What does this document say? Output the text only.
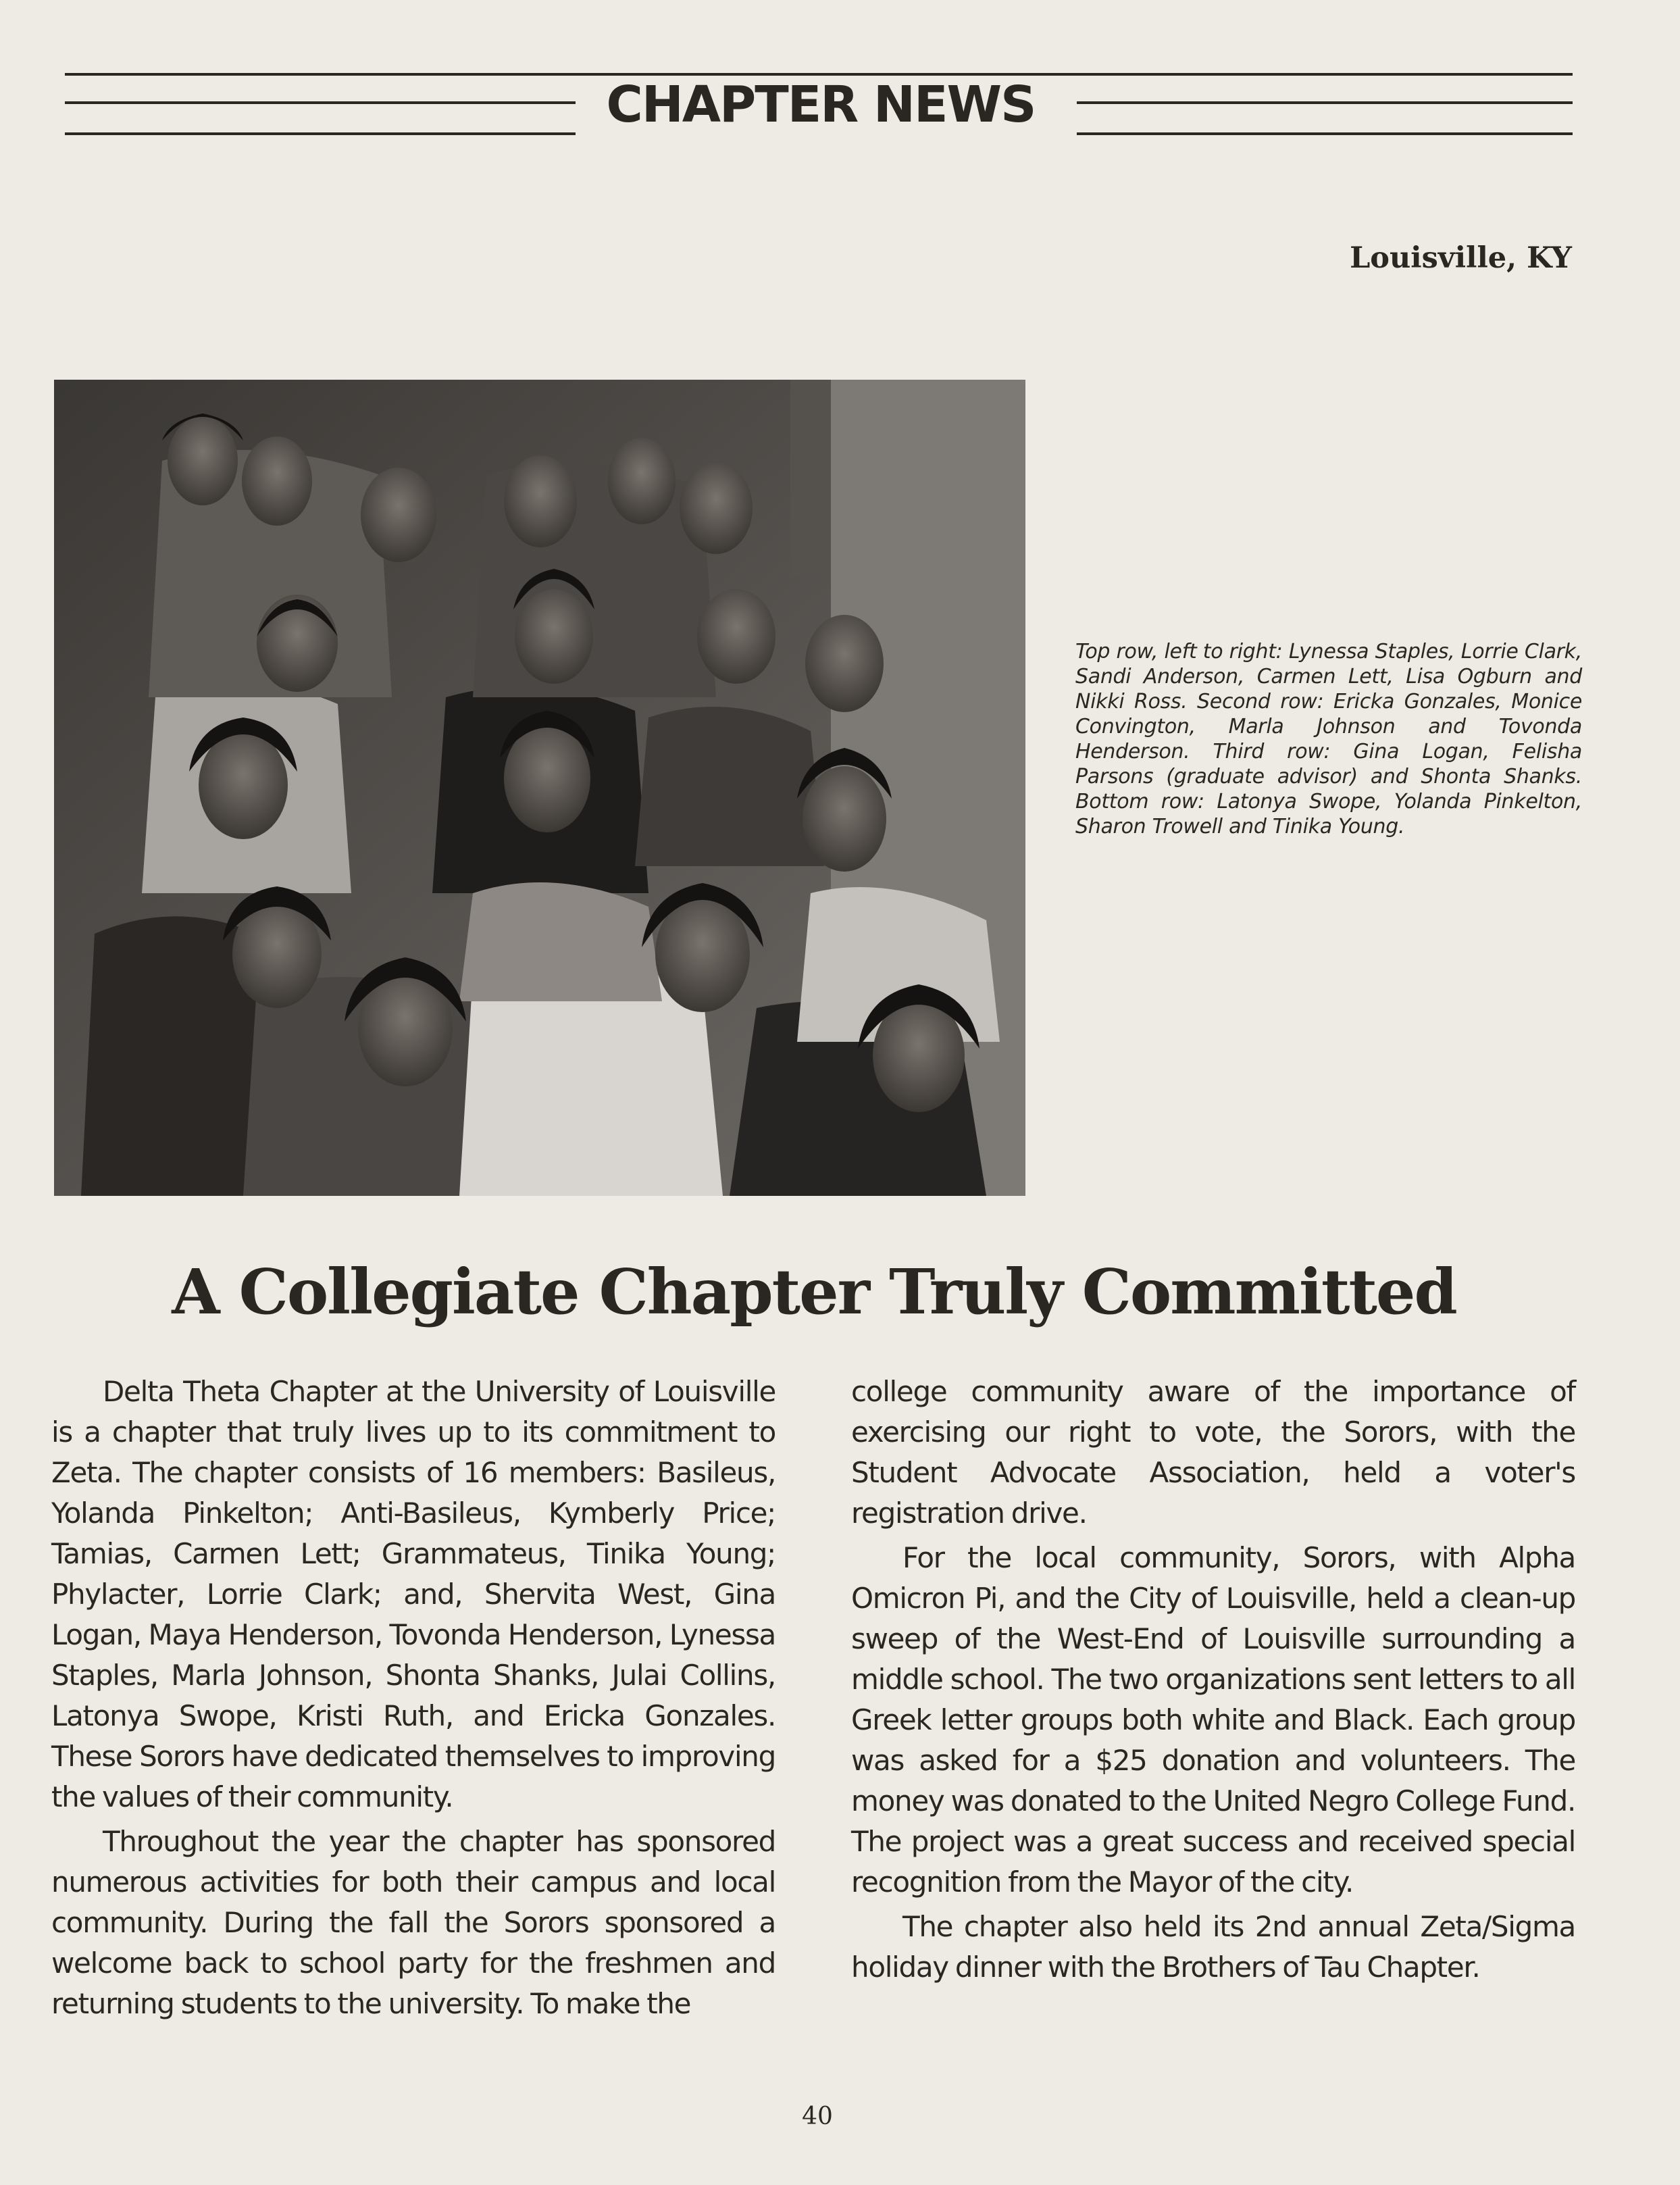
CHAPTER NEWS
Louisville, KY
Top row, left to right: Lynessa Staples, Lorrie Clark, Sandi Anderson, Carmen Lett, Lisa Ogburn and Nikki Ross. Second row: Ericka Gonzales, Monice Convington, Marla Johnson and Tovonda Henderson. Third row: Gina Logan, Felisha Parsons (graduate advisor) and Shonta Shanks. Bottom row: Latonya Swope, Yolanda Pinkelton, Sharon Trowell and Tinika Young.
A Collegiate Chapter Truly Committed

Delta Theta Chapter at the University of Louisville is a chapter that truly lives up to its commitment to Zeta. The chapter consists of 16 members: Basileus, Yolanda Pinkelton; Anti-Basileus, Kymberly Price; Tamias, Carmen Lett; Grammateus, Tinika Young; Phylacter, Lorrie Clark; and, Shervita West, Gina Logan, Maya Henderson, Tovonda Henderson, Lynessa Staples, Marla Johnson, Shonta Shanks, Julai Collins, Latonya Swope, Kristi Ruth, and Ericka Gonzales. These Sorors have dedicated themselves to improving the values of their community.

Throughout the year the chapter has sponsored numerous activities for both their campus and local community. During the fall the Sorors sponsored a welcome back to school party for the freshmen and returning students to the university. To make the

college community aware of the importance of exercising our right to vote, the Sorors, with the Student Advocate Association, held a voter's registration drive.

For the local community, Sorors, with Alpha Omicron Pi, and the City of Louisville, held a clean-up sweep of the West-End of Louisville surrounding a middle school. The two organizations sent letters to all Greek letter groups both white and Black. Each group was asked for a $25 donation and volunteers. The money was donated to the United Negro College Fund. The project was a great success and received special recognition from the Mayor of the city.

The chapter also held its 2nd annual Zeta/Sigma holiday dinner with the Brothers of Tau Chapter.

40
